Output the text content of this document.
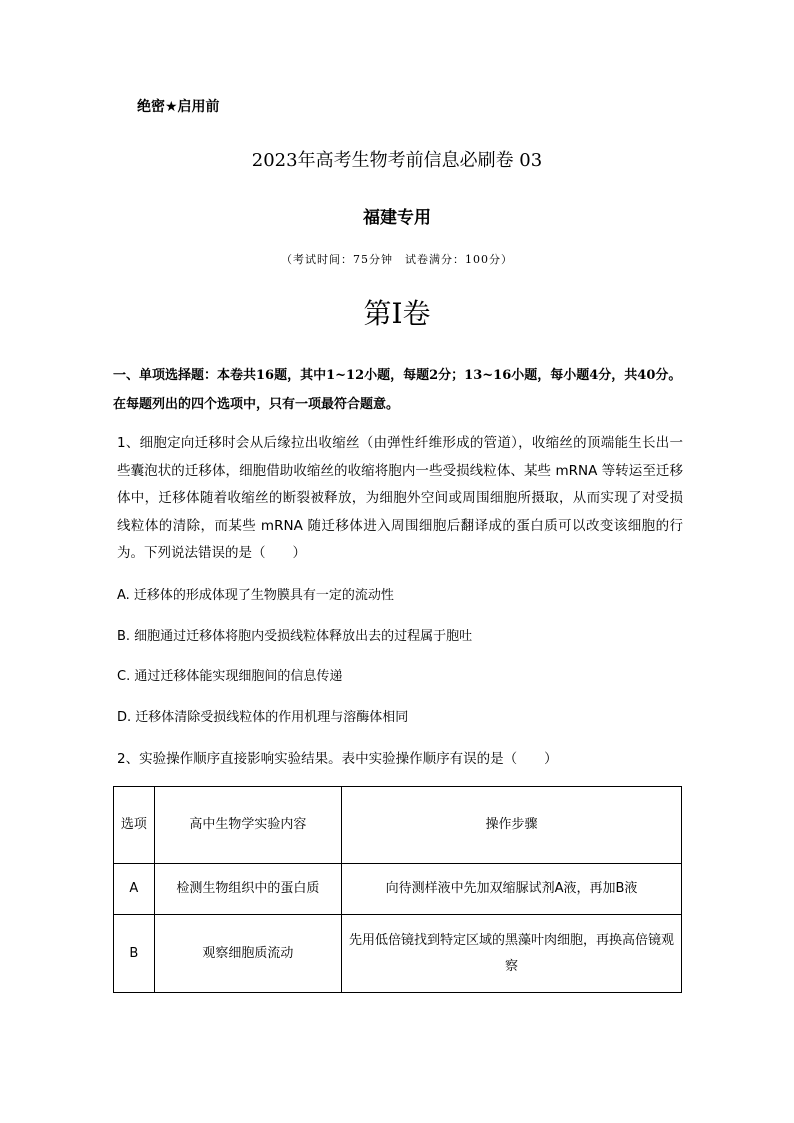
绝密★启用前
2023年高考生物考前信息必刷卷 03
福建专用
（考试时间：75分钟　试卷满分：100分）
第I卷
一、单项选择题：本卷共16题，其中1~12小题，每题2分；13~16小题，每小题4分，共40分。在每题列出的四个选项中，只有一项最符合题意。
1、细胞定向迁移时会从后缘拉出收缩丝（由弹性纤维形成的管道），收缩丝的顶端能生长出一些囊泡状的迁移体，细胞借助收缩丝的收缩将胞内一些受损线粒体、某些 mRNA 等转运至迁移体中，迁移体随着收缩丝的断裂被释放，为细胞外空间或周围细胞所摄取，从而实现了对受损线粒体的清除，而某些 mRNA 随迁移体进入周围细胞后翻译成的蛋白质可以改变该细胞的行为。下列说法错误的是（　　）
A. 迁移体的形成体现了生物膜具有一定的流动性
B. 细胞通过迁移体将胞内受损线粒体释放出去的过程属于胞吐
C. 通过迁移体能实现细胞间的信息传递
D. 迁移体清除受损线粒体的作用机理与溶酶体相同
2、实验操作顺序直接影响实验结果。表中实验操作顺序有误的是（　　）
选项	高中生物学实验内容	操作步骤
A	检测生物组织中的蛋白质	向待测样液中先加双缩脲试剂A液，再加B液
B	观察细胞质流动	先用低倍镜找到特定区域的黑藻叶肉细胞，再换高倍镜观察
